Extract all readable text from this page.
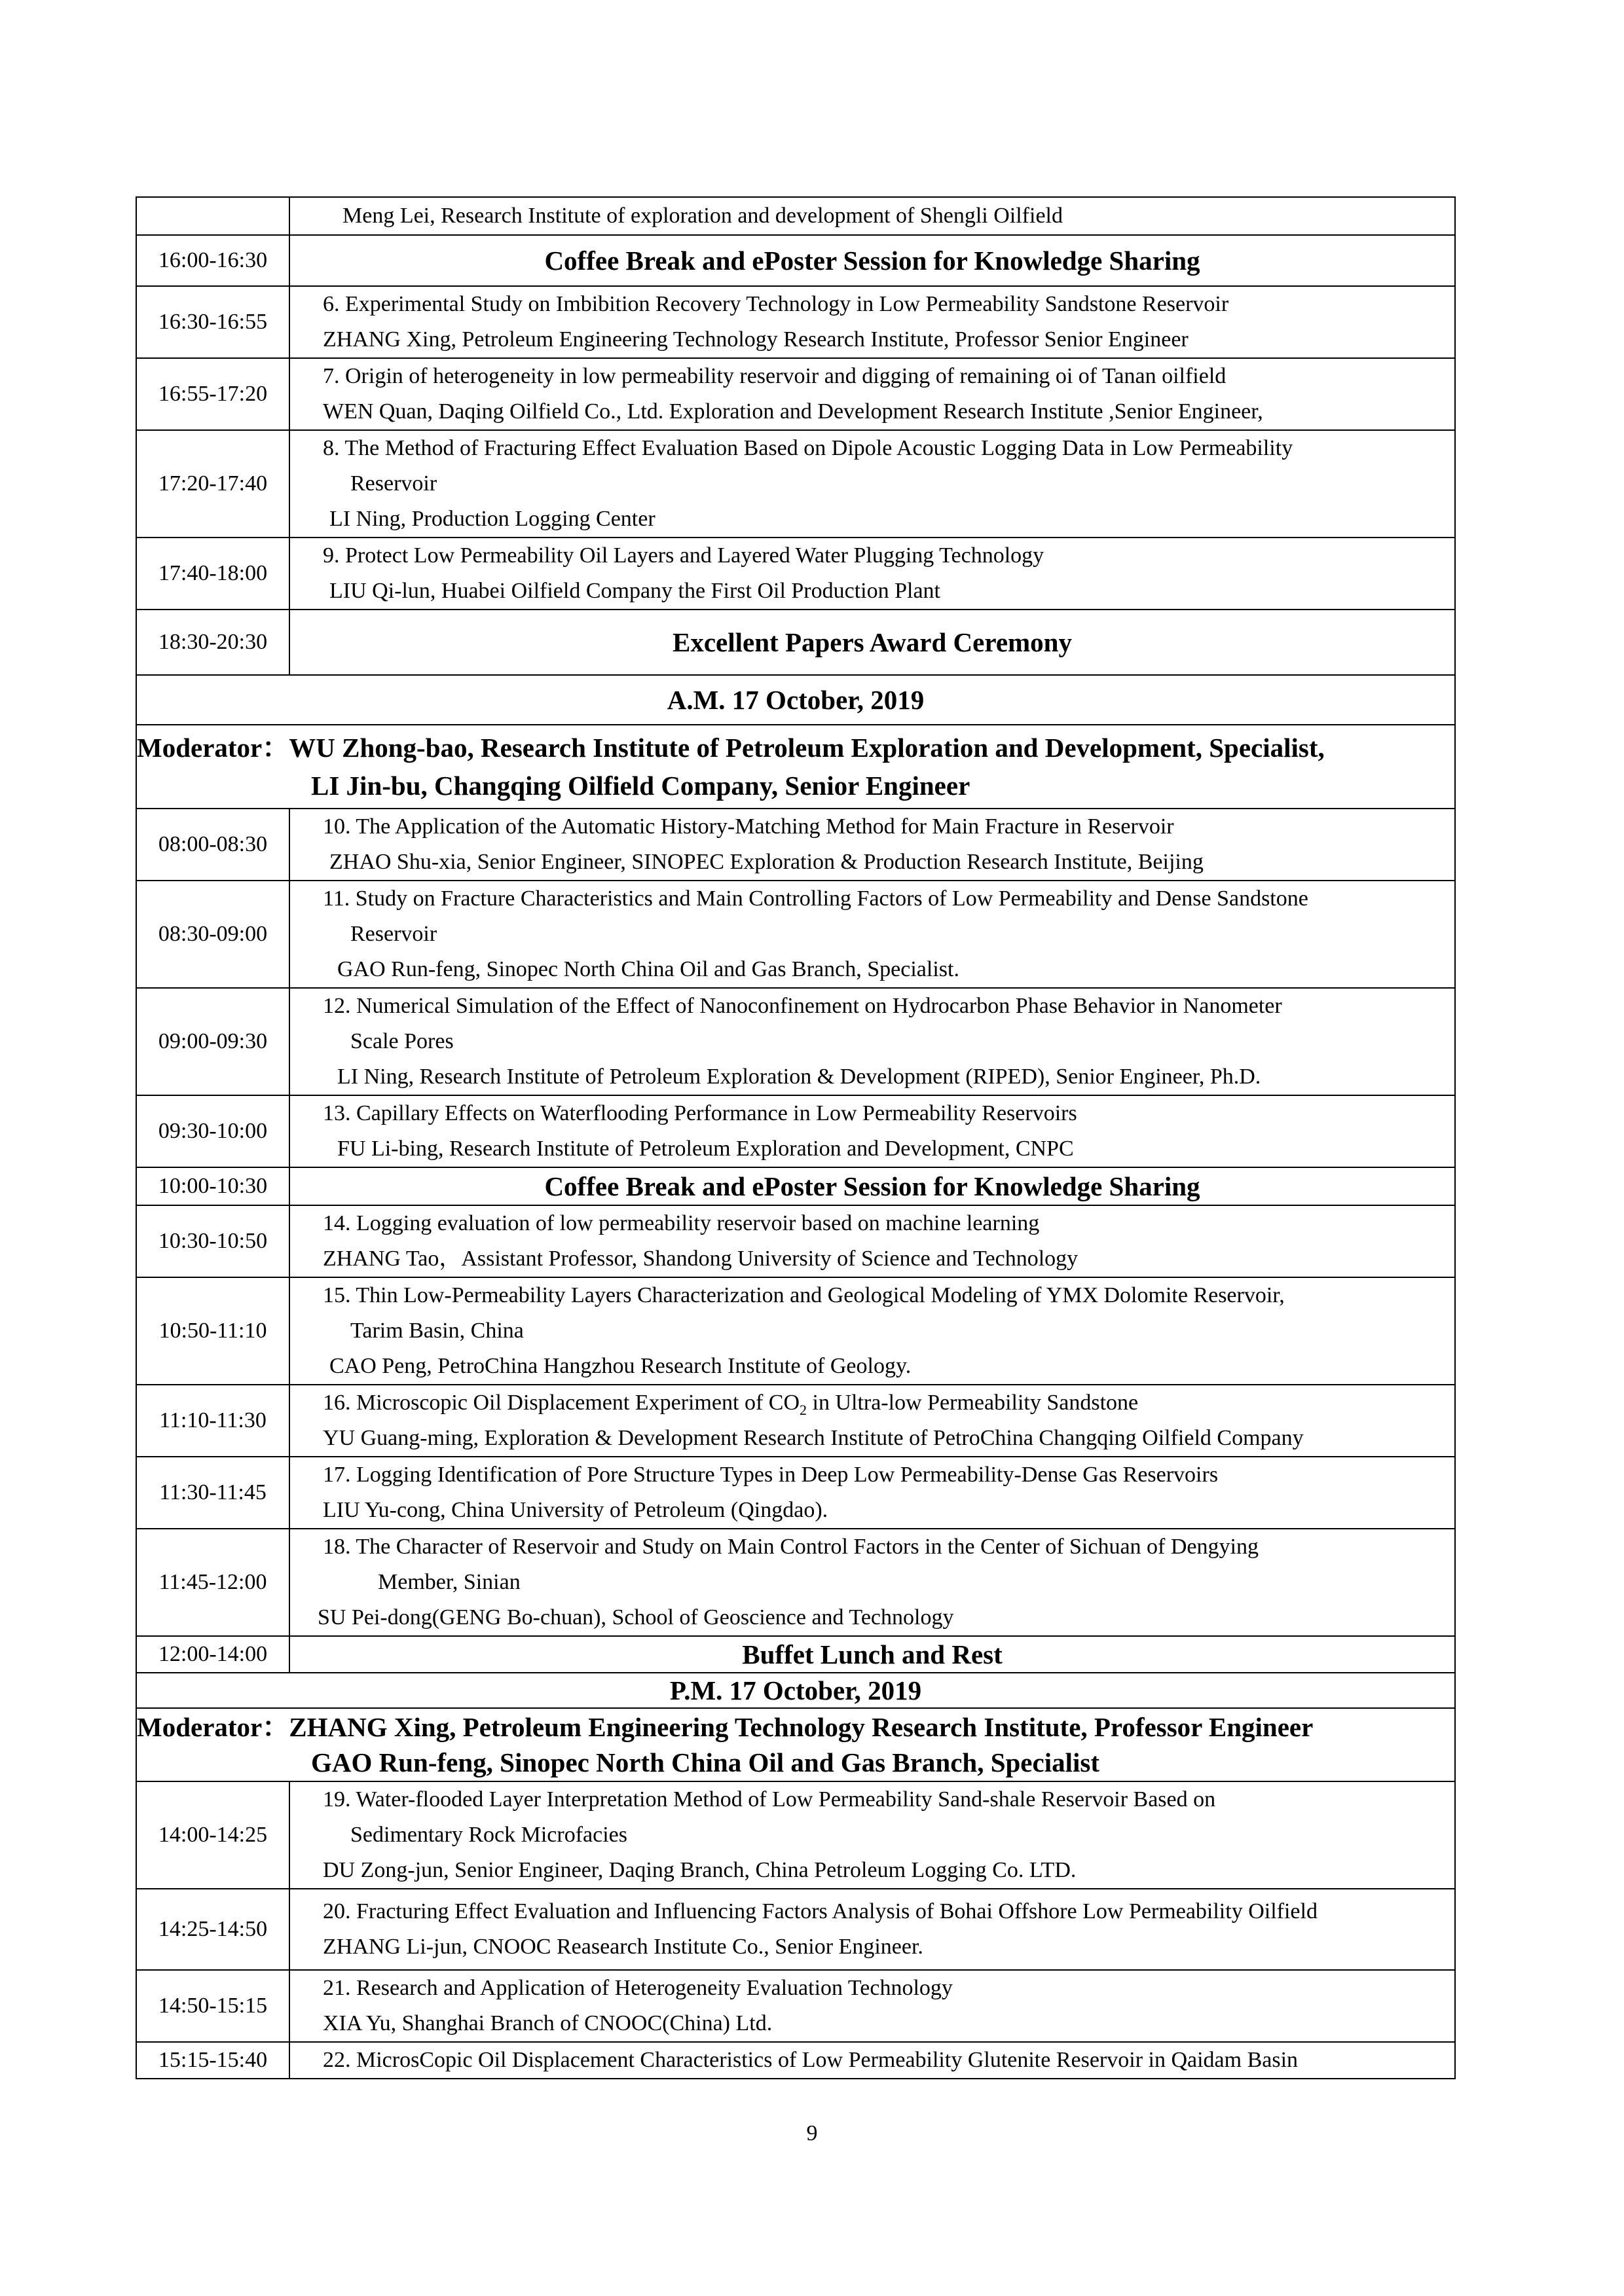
	Meng Lei, Research Institute of exploration and development of Shengli Oilfield

16:00-16:30	Coffee Break and ePoster Session for Knowledge Sharing
16:30-16:55	6. Experimental Study on Imbibition Recovery Technology in Low Permeability Sandstone Reservoir
ZHANG Xing, Petroleum Engineering Technology Research Institute, Professor Senior Engineer

16:55-17:20	7. Origin of heterogeneity in low permeability reservoir and digging of remaining oi of Tanan oilfield
WEN Quan, Daqing Oilfield Co., Ltd. Exploration and Development Research Institute ,Senior Engineer,

17:20-17:40	8. The Method of Fracturing Effect Evaluation Based on Dipole Acoustic Logging Data in Low Permeability
Reservoir
LI Ning, Production Logging Center

17:40-18:00	9. Protect Low Permeability Oil Layers and Layered Water Plugging Technology
LIU Qi-lun, Huabei Oilfield Company the First Oil Production Plant

18:30-20:30	Excellent Papers Award Ceremony
A.M. 17 October, 2019	

Moderator：WU Zhong-bao, Research Institute of Petroleum Exploration and Development, Specialist,
LI Jin-bu, Changqing Oilfield Company, Senior Engineer	

08:00-08:30	10. The Application of the Automatic History-Matching Method for Main Fracture in Reservoir
ZHAO Shu-xia, Senior Engineer, SINOPEC Exploration & Production Research Institute, Beijing

08:30-09:00	11. Study on Fracture Characteristics and Main Controlling Factors of Low Permeability and Dense Sandstone
Reservoir
GAO Run-feng, Sinopec North China Oil and Gas Branch, Specialist.

09:00-09:30	12. Numerical Simulation of the Effect of Nanoconfinement on Hydrocarbon Phase Behavior in Nanometer
Scale Pores
LI Ning, Research Institute of Petroleum Exploration & Development (RIPED), Senior Engineer, Ph.D.

09:30-10:00	13. Capillary Effects on Waterflooding Performance in Low Permeability Reservoirs
FU Li-bing, Research Institute of Petroleum Exploration and Development, CNPC

10:00-10:30	Coffee Break and ePoster Session for Knowledge Sharing
10:30-10:50	14. Logging evaluation of low permeability reservoir based on machine learning
ZHANG Tao，Assistant Professor, Shandong University of Science and Technology

10:50-11:10	15. Thin Low-Permeability Layers Characterization and Geological Modeling of YMX Dolomite Reservoir,
Tarim Basin, China
CAO Peng, PetroChina Hangzhou Research Institute of Geology.

11:10-11:30	16. Microscopic Oil Displacement Experiment of $CO_2$ in Ultra-low Permeability Sandstone
YU Guang-ming, Exploration & Development Research Institute of PetroChina Changqing Oilfield Company

11:30-11:45	17. Logging Identification of Pore Structure Types in Deep Low Permeability-Dense Gas Reservoirs
LIU Yu-cong, China University of Petroleum (Qingdao).

11:45-12:00	18. The Character of Reservoir and Study on Main Control Factors in the Center of Sichuan of Dengying
Member, Sinian
SU Pei-dong(GENG Bo-chuan), School of Geoscience and Technology

12:00-14:00	Buffet Lunch and Rest
P.M. 17 October, 2019	

Moderator：ZHANG Xing, Petroleum Engineering Technology Research Institute, Professor Engineer
GAO Run-feng, Sinopec North China Oil and Gas Branch, Specialist	

14:00-14:25	19. Water-flooded Layer Interpretation Method of Low Permeability Sand-shale Reservoir Based on
Sedimentary Rock Microfacies
DU Zong-jun, Senior Engineer, Daqing Branch, China Petroleum Logging Co. LTD.

14:25-14:50	20. Fracturing Effect Evaluation and Influencing Factors Analysis of Bohai Offshore Low Permeability Oilfield
ZHANG Li-jun, CNOOC Reasearch Institute Co., Senior Engineer.

14:50-15:15	21. Research and Application of Heterogeneity Evaluation Technology
XIA Yu, Shanghai Branch of CNOOC(China) Ltd.

15:15-15:40	22. MicrosCopic Oil Displacement Characteristics of Low Permeability Glutenite Reservoir in Qaidam Basin
9
